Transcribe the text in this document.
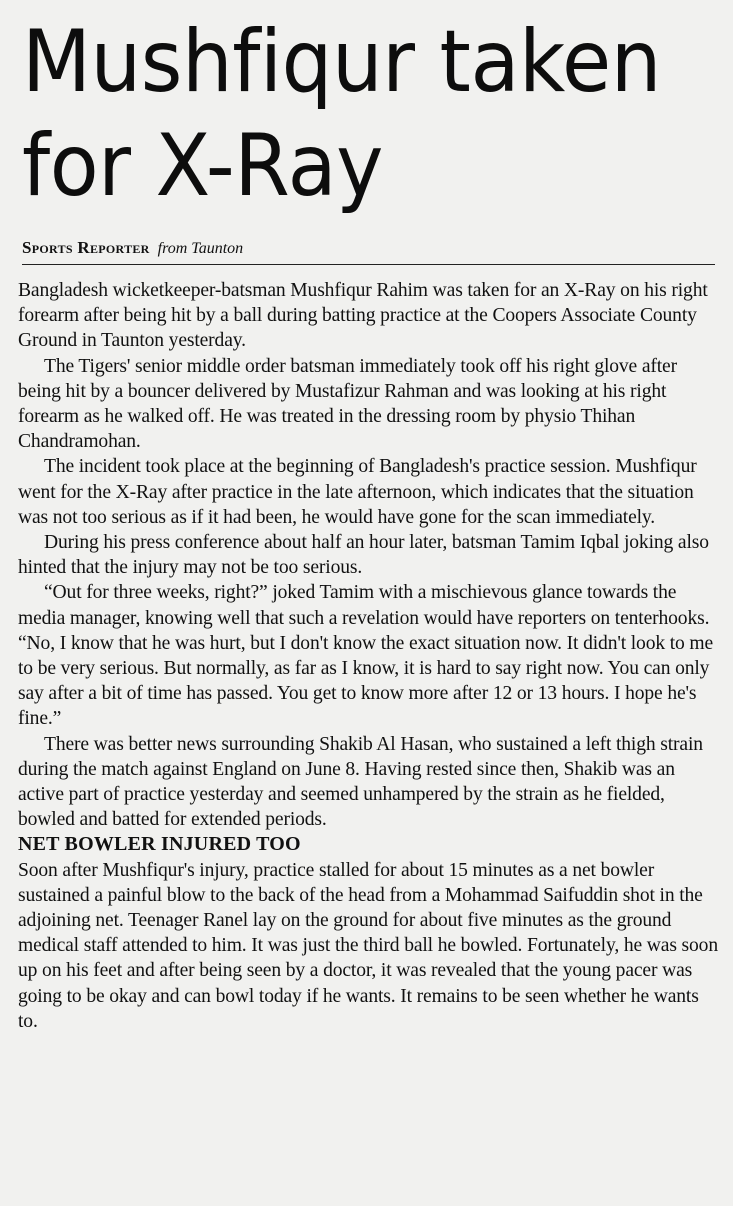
Mushfiqur taken
for X-Ray
Sports Reporter from Taunton

Bangladesh wicketkeeper-batsman Mushfiqur Rahim was taken for an X-Ray on his right forearm after being hit by a ball during batting practice at the Coopers Associate County Ground in Taunton yesterday.

The Tigers' senior middle order batsman immediately took off his right glove after being hit by a bouncer delivered by Mustafizur Rahman and was looking at his right forearm as he walked off. He was treated in the dressing room by physio Thihan Chandramohan.

The incident took place at the beginning of Bangladesh's practice session. Mushfiqur went for the X-Ray after practice in the late afternoon, which indicates that the situation was not too serious as if it had been, he would have gone for the scan immediately.

During his press conference about half an hour later, batsman Tamim Iqbal joking also hinted that the injury may not be too serious.

“Out for three weeks, right?” joked Tamim with a mischievous glance towards the media manager, knowing well that such a revelation would have reporters on tenterhooks. “No, I know that he was hurt, but I don't know the exact situation now. It didn't look to me to be very serious. But normally, as far as I know, it is hard to say right now. You can only say after a bit of time has passed. You get to know more after 12 or 13 hours. I hope he's fine.”

There was better news surrounding Shakib Al Hasan, who sustained a left thigh strain during the match against England on June 8. Having rested since then, Shakib was an active part of practice yesterday and seemed unhampered by the strain as he fielded, bowled and batted for extended periods.

NET BOWLER INJURED TOO

Soon after Mushfiqur's injury, practice stalled for about 15 minutes as a net bowler sustained a painful blow to the back of the head from a Mohammad Saifuddin shot in the adjoining net. Teenager Ranel lay on the ground for about five minutes as the ground medical staff attended to him. It was just the third ball he bowled. Fortunately, he was soon up on his feet and after being seen by a doctor, it was revealed that the young pacer was going to be okay and can bowl today if he wants. It remains to be seen whether he wants to.
